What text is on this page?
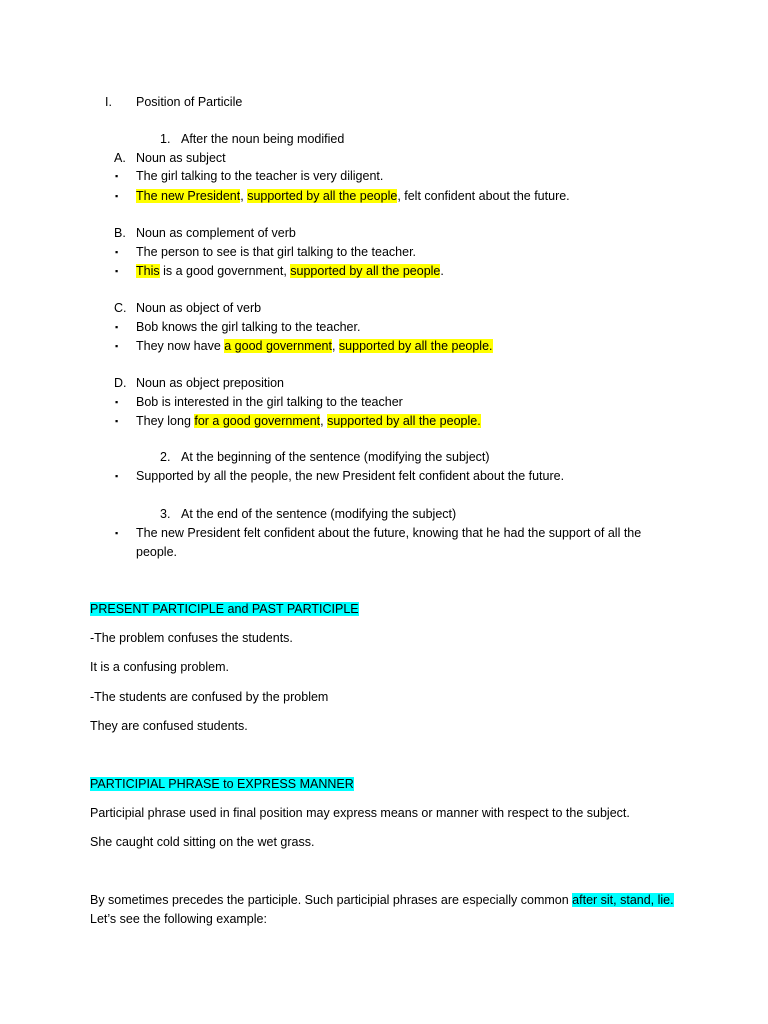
I. Position of Particile
1. After the noun being modified
A. Noun as subject
▪ The girl talking to the teacher is very diligent.
▪ The new President, supported by all the people, felt confident about the future.
B. Noun as complement of verb
▪ The person to see is that girl talking to the teacher.
▪ This is a good government, supported by all the people.
C. Noun as object of verb
▪ Bob knows the girl talking to the teacher.
▪ They now have a good government, supported by all the people.
D. Noun as object preposition
▪ Bob is interested in the girl talking to the teacher
▪ They long for a good government, supported by all the people.
2. At the beginning of the sentence (modifying the subject)
▪ Supported by all the people, the new President felt confident about the future.
3. At the end of the sentence (modifying the subject)
▪ The new President felt confident about the future, knowing that he had the support of all the
people.
PRESENT PARTICIPLE and PAST PARTICIPLE
-The problem confuses the students.
It is a confusing problem.
-The students are confused by the problem
They are confused students.
PARTICIPIAL PHRASE to EXPRESS MANNER
Participial phrase used in final position may express means or manner with respect to the subject.
She caught cold sitting on the wet grass.
By sometimes precedes the participle. Such participial phrases are especially common after sit, stand, lie.
Let’s see the following example:
